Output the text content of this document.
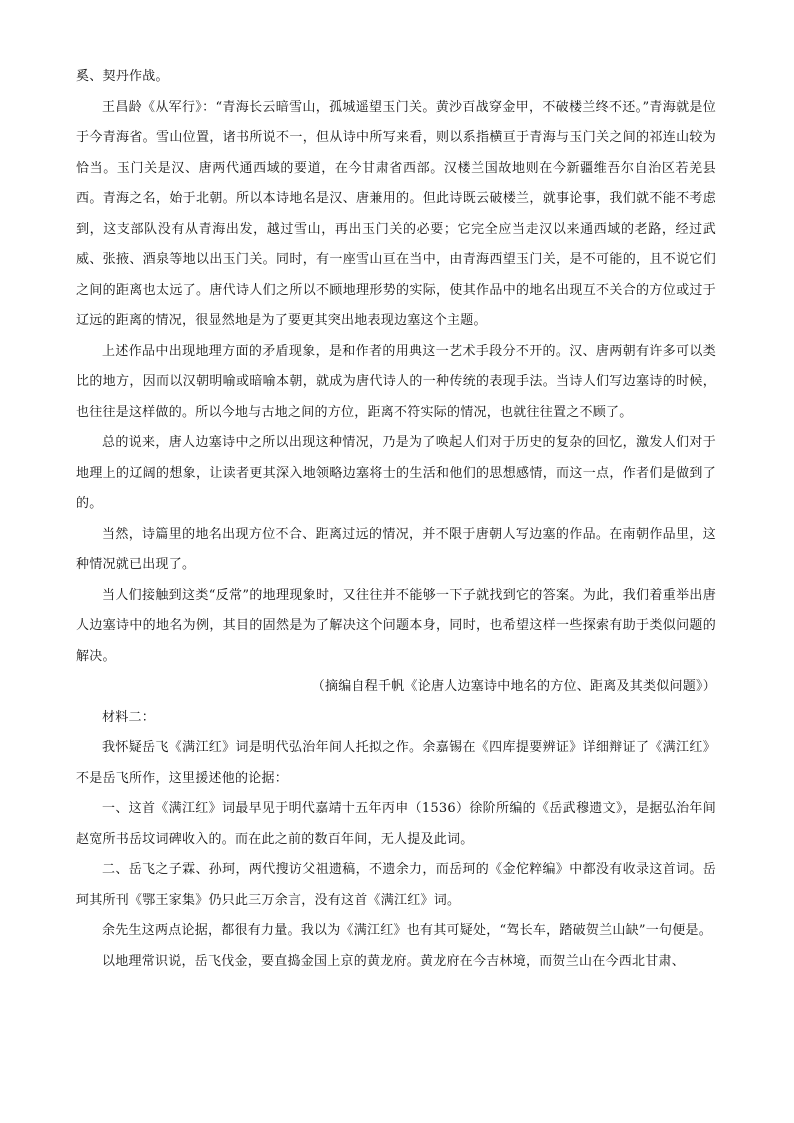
奚、契丹作战。

王昌龄《从军行》：“青海长云暗雪山，孤城遥望玉门关。黄沙百战穿金甲，不破楼兰终不还。”青海就是位于今青海省。雪山位置，诸书所说不一，但从诗中所写来看，则以系指横亘于青海与玉门关之间的祁连山较为恰当。玉门关是汉、唐两代通西域的要道，在今甘肃省西部。汉楼兰国故地则在今新疆维吾尔自治区若羌县西。青海之名，始于北朝。所以本诗地名是汉、唐兼用的。但此诗既云破楼兰，就事论事，我们就不能不考虑到，这支部队没有从青海出发，越过雪山，再出玉门关的必要；它完全应当走汉以来通西域的老路，经过武威、张掖、酒泉等地以出玉门关。同时，有一座雪山亘在当中，由青海西望玉门关，是不可能的，且不说它们之间的距离也太远了。唐代诗人们之所以不顾地理形势的实际，使其作品中的地名出现互不关合的方位或过于辽远的距离的情况，很显然地是为了要更其突出地表现边塞这个主题。

上述作品中出现地理方面的矛盾现象，是和作者的用典这一艺术手段分不开的。汉、唐两朝有许多可以类比的地方，因而以汉朝明喻或暗喻本朝，就成为唐代诗人的一种传统的表现手法。当诗人们写边塞诗的时候，也往往是这样做的。所以今地与古地之间的方位，距离不符实际的情况，也就往往置之不顾了。

总的说来，唐人边塞诗中之所以出现这种情况，乃是为了唤起人们对于历史的复杂的回忆，激发人们对于地理上的辽阔的想象，让读者更其深入地领略边塞将士的生活和他们的思想感情，而这一点，作者们是做到了的。

当然，诗篇里的地名出现方位不合、距离过远的情况，并不限于唐朝人写边塞的作品。在南朝作品里，这种情况就已出现了。

当人们接触到这类“反常”的地理现象时，又往往并不能够一下子就找到它的答案。为此，我们着重举出唐人边塞诗中的地名为例，其目的固然是为了解决这个问题本身，同时，也希望这样一些探索有助于类似问题的解决。

（摘编自程千帆《论唐人边塞诗中地名的方位、距离及其类似问题》）

材料二：

我怀疑岳飞《满江红》词是明代弘治年间人托拟之作。余嘉锡在《四库提要辨证》详细辩证了《满江红》不是岳飞所作，这里援述他的论据：

一、这首《满江红》词最早见于明代嘉靖十五年丙申（1536）徐阶所编的《岳武穆遗文》，是据弘治年间赵宽所书岳坟词碑收入的。而在此之前的数百年间，无人提及此词。

二、岳飞之子霖、孙珂，两代搜访父祖遗稿，不遗余力，而岳珂的《金佗粹编》中都没有收录这首词。岳珂其所刊《鄂王家集》仍只此三万余言，没有这首《满江红》词。

余先生这两点论据，都很有力量。我以为《满江红》也有其可疑处，“驾长车，踏破贺兰山缺”一句便是。

以地理常识说，岳飞伐金，要直捣金国上京的黄龙府。黄龙府在今吉林境，而贺兰山在今西北甘肃、
